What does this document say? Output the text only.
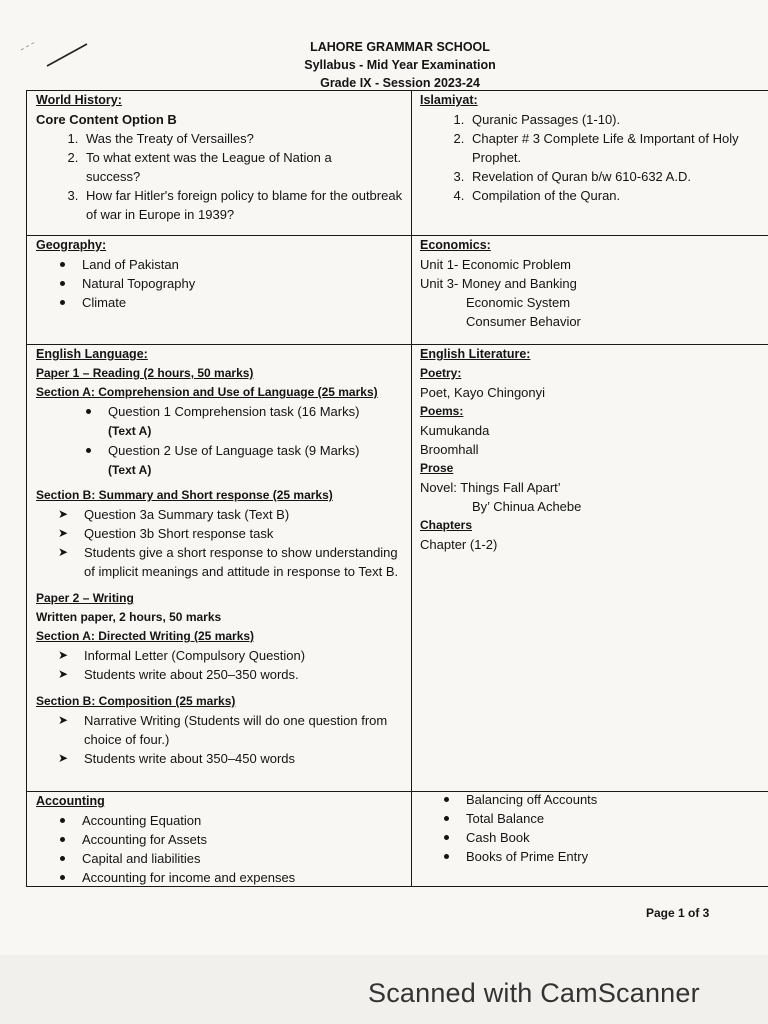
LAHORE GRAMMAR SCHOOL
Syllabus - Mid Year Examination
Grade IX - Session 2023-24
World History:
Core Content Option B
1. Was the Treaty of Versailles?
2. To what extent was the League of Nation a success?
3. How far Hitler's foreign policy to blame for the outbreak of war in Europe in 1939?
Islamiyat:
1. Quranic Passages (1-10).
2. Chapter # 3 Complete Life & Important of Holy Prophet.
3. Revelation of Quran b/w 610-632 A.D.
4. Compilation of the Quran.
Geography:
Land of Pakistan
Natural Topography
Climate
Economics:
Unit 1- Economic Problem
Unit 3- Money and Banking
Economic System
Consumer Behavior
English Language:
Paper 1 – Reading (2 hours, 50 marks)
Section A: Comprehension and Use of Language (25 marks)
Question 1 Comprehension task (16 Marks)
(Text A)
Question 2 Use of Language task (9 Marks)
(Text A)
Section B: Summary and Short response (25 marks)
➤ Question 3a Summary task (Text B)
➤ Question 3b Short response task
➤ Students give a short response to show understanding of implicit meanings and attitude in response to Text B.
Paper 2 – Writing
Written paper, 2 hours, 50 marks
Section A: Directed Writing (25 marks)
➤ Informal Letter (Compulsory Question)
➤ Students write about 250–350 words.
Section B: Composition (25 marks)
➤ Narrative Writing (Students will do one question from choice of four.)
➤ Students write about 350–450 words
English Literature:
Poetry:
Poet, Kayo Chingonyi
Poems:
Kumukanda
Broomhall
Prose
Novel: Things Fall Apart’
By’ Chinua Achebe
Chapters
Chapter (1-2)
Accounting
Accounting Equation
Accounting for Assets
Capital and liabilities
Accounting for income and expenses
Balancing off Accounts
Total Balance
Cash Book
Books of Prime Entry
Page 1 of 3
Scanned with CamScanner
